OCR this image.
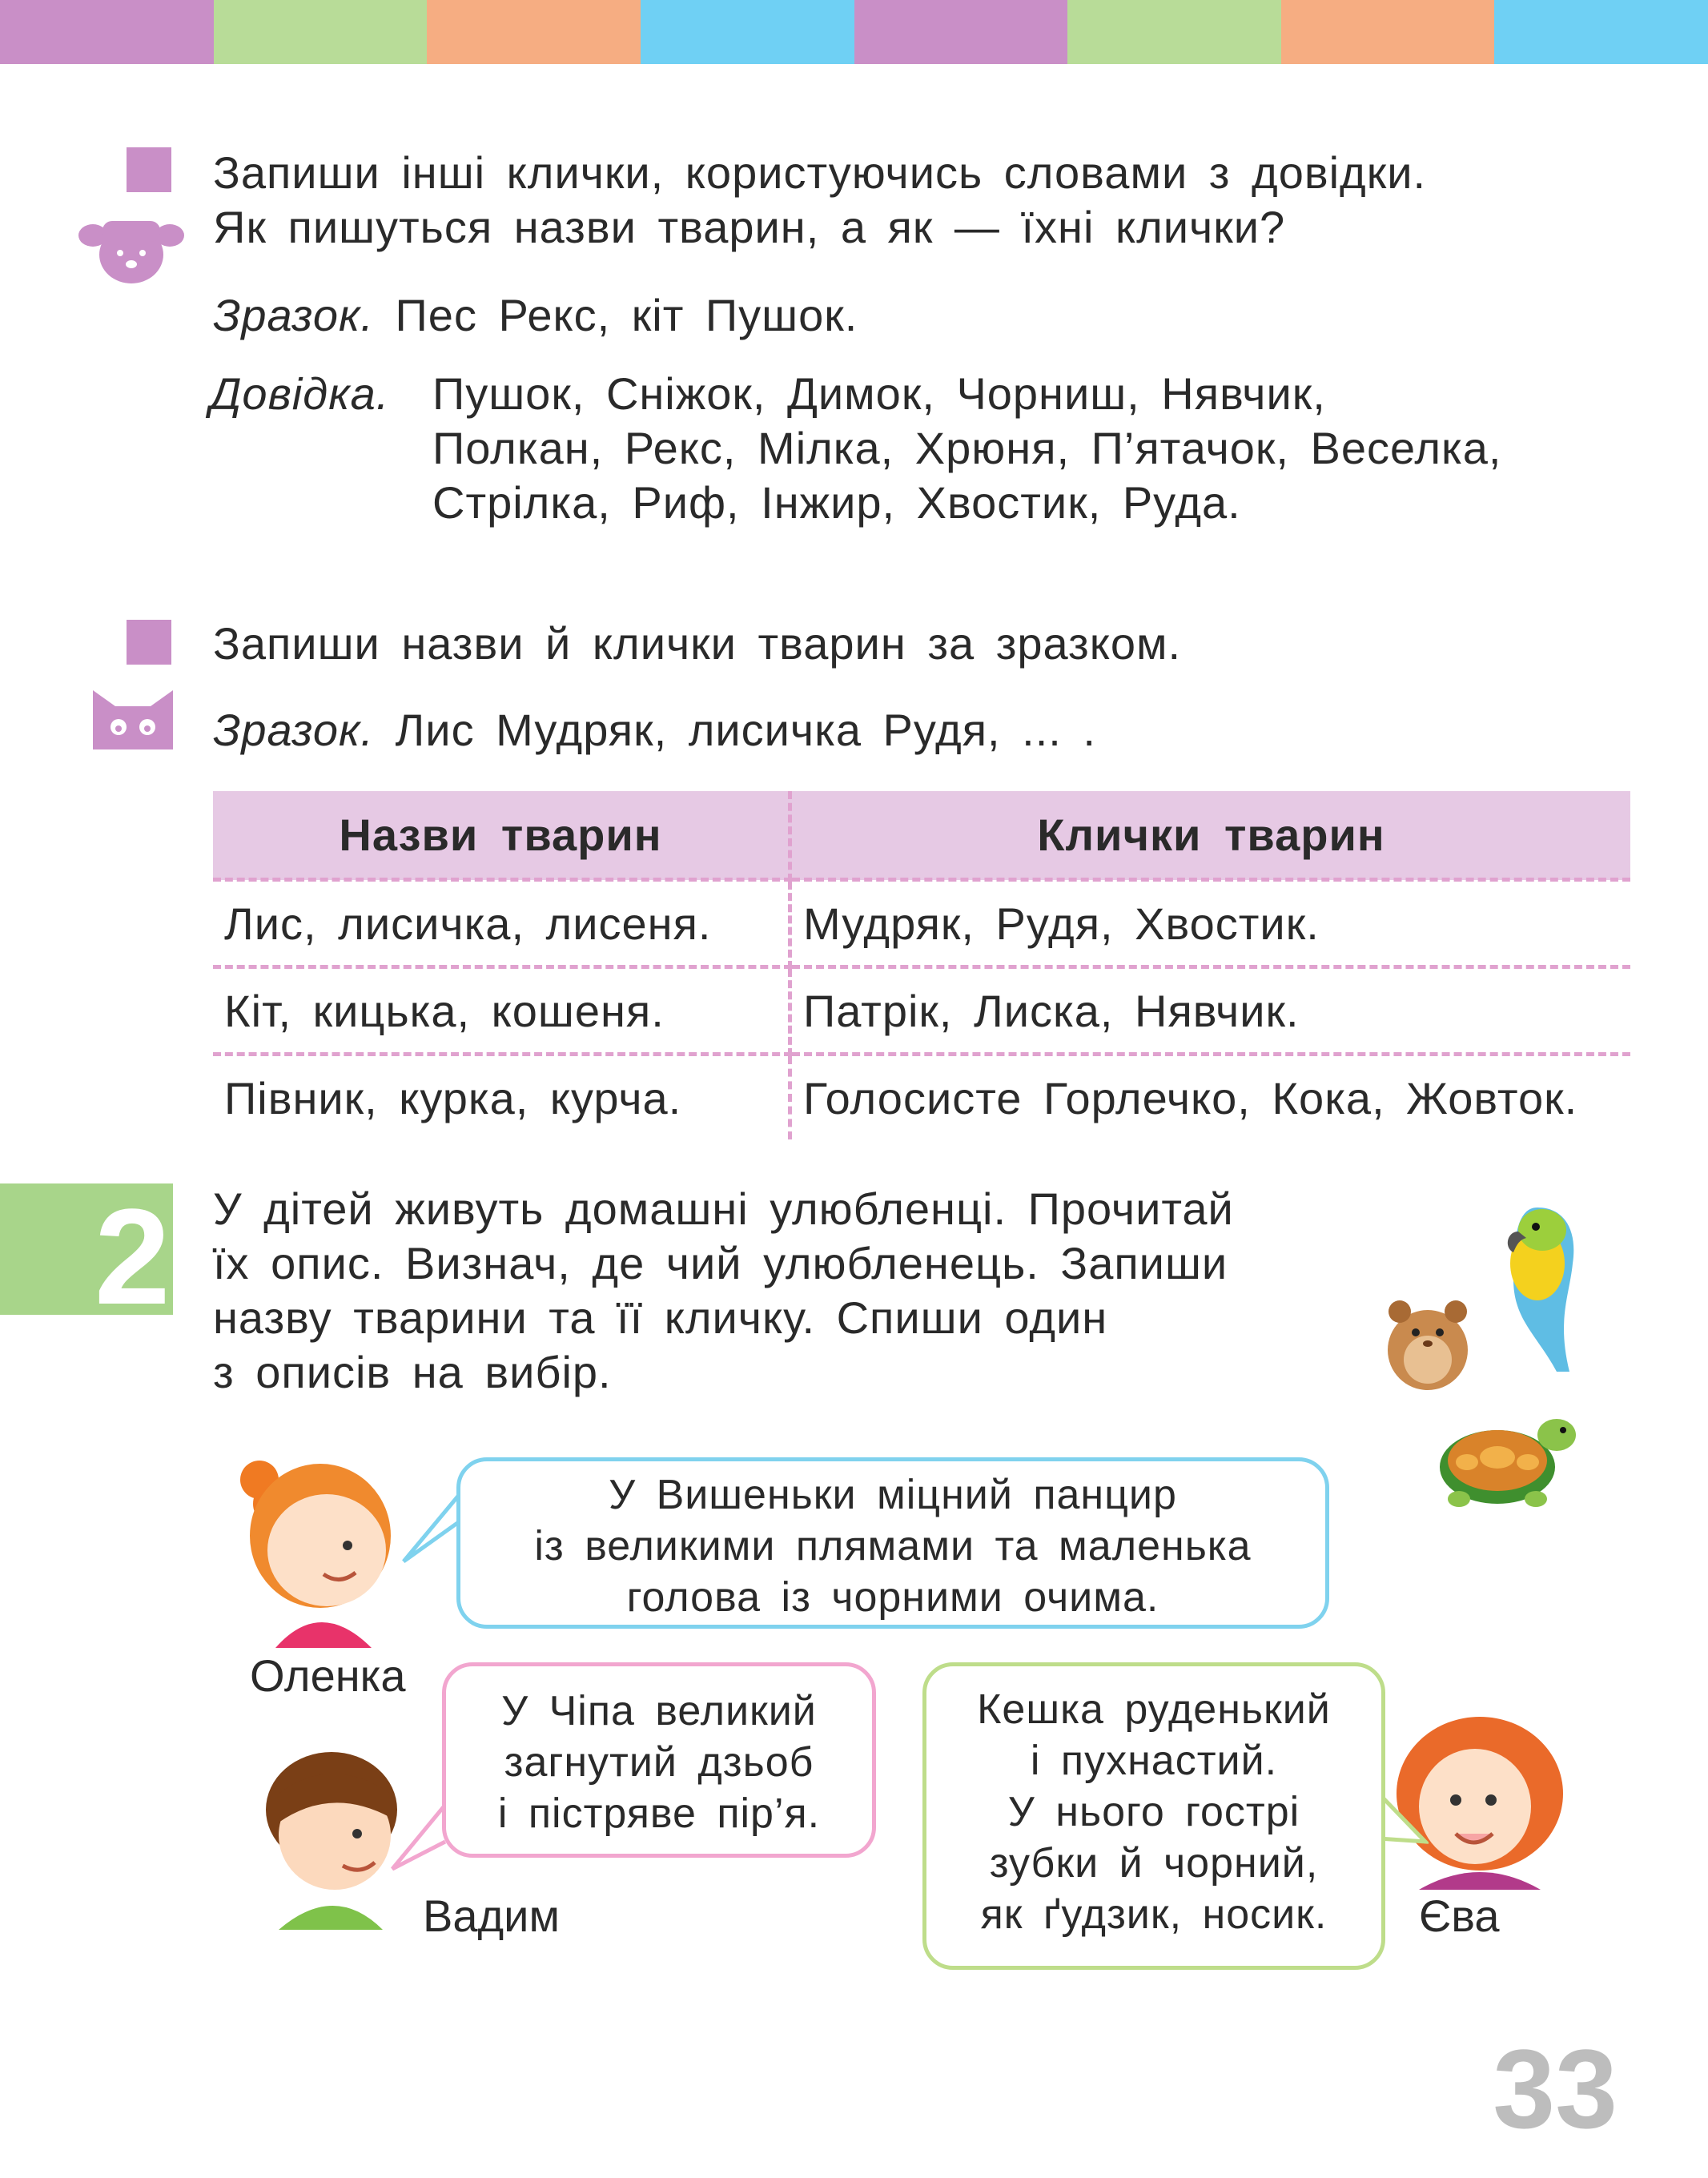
Запиши інші клички, користуючись словами з довідки.
Як пишуться назви тварин, а як — їхні клички?
Зразок. Пес Рекс, кіт Пушок.
Довідка. Пушок, Сніжок, Димок, Чорниш, Нявчик,
Полкан, Рекс, Мілка, Хрюня, П’ятачок, Веселка,
Стрілка, Риф, Інжир, Хвостик, Руда.
Запиши назви й клички тварин за зразком.
Зразок. Лис Мудряк, лисичка Рудя, ... .
Назви тварин	Клички тварин
Лис, лисичка, лисеня.	Мудряк, Рудя, Хвостик.
Кіт, кицька, кошеня.	Патрік, Лиска, Нявчик.
Півник, курка, курча.	Голосисте Горлечко, Кока, Жовток.
2 У дітей живуть домашні улюбленці. Прочитай
їх опис. Визнач, де чий улюбленець. Запиши
назву тварини та її кличку. Спиши один
з описів на вибір.
Оленка
Вадим	Єва
У Вишеньки міцний панцир
із великими плямами та маленька
голова із чорними очима.
У Чіпа великий
загнутий дзьоб
і пістряве пір’я.
Кешка руденький
і пухнастий.
У нього гострі
зубки й чорний,
як ґудзик, носик.
33
